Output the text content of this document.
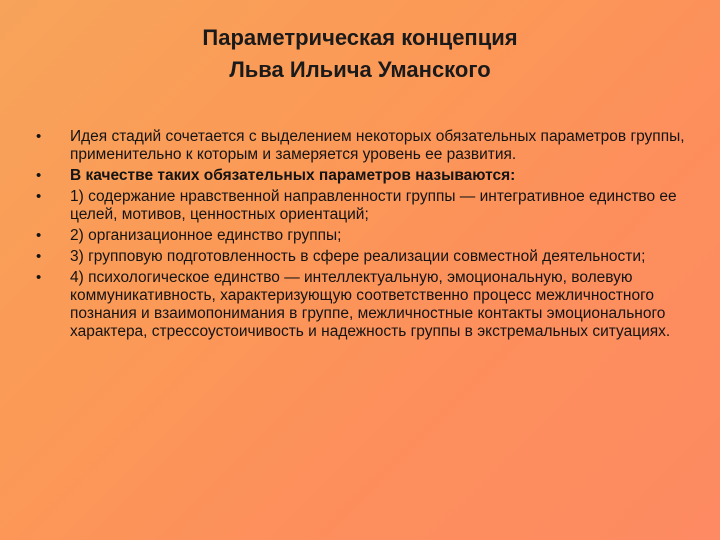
Параметрическая концепция
Льва Ильича Уманского
•	Идея стадий сочетается с выделением некоторых обязательных параметров группы, применительно к которым и замеряется уровень ее развития.
•	В качестве таких обязательных параметров называются:
•	1) содержание нравственной направленности группы — интегративное единство ее целей, мотивов, ценностных ориентаций;
•	2) организационное единство группы;
•	3) групповую подготовленность в сфере реализации совместной деятельности;
•	4) психологическое единство — интеллектуальную, эмоциональную, волевую коммуникативность, характеризующую соответственно процесс межличностного познания и взаимопонимания в группе, межличностные контакты эмоционального характера, стрессоустоичивость и надежность группы в экстремальных ситуациях.
